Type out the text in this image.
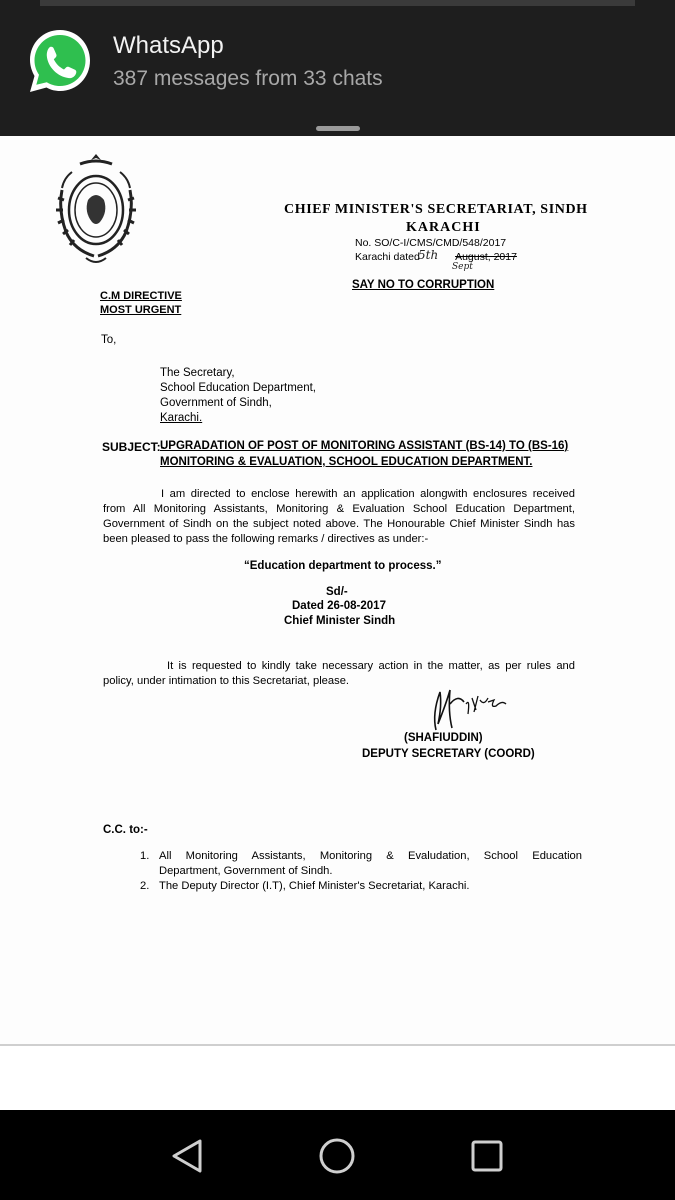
WhatsApp
387 messages from 33 chats
CHIEF MINISTER'S SECRETARIAT, SINDH
KARACHI
No. SO/C-I/CMS/CMD/548/2017
Karachi dated	August, 2017
5th
Sept
SAY NO TO CORRUPTION
C.M DIRECTIVE
MOST URGENT
To,
The Secretary,
School Education Department,
Government of Sindh,
Karachi.
SUBJECT:-
UPGRADATION OF POST OF MONITORING ASSISTANT (BS-14) TO (BS-16)
MONITORING & EVALUATION, SCHOOL EDUCATION DEPARTMENT.
I am directed to enclose herewith an application alongwith enclosures received
from All Monitoring Assistants, Monitoring & Evaluation School Education Department,
Government of Sindh on the subject noted above. The Honourable Chief Minister Sindh has
been pleased to pass the following remarks / directives as under:-
“Education department to process.”
Sd/-
Dated 26-08-2017
Chief Minister Sindh
It is requested to kindly take necessary action in the matter, as per rules and
policy, under intimation to this Secretariat, please.
(SHAFIUDDIN)
DEPUTY SECRETARY (COORD)
C.C. to:-
1. All Monitoring Assistants, Monitoring & Evaludation, School Education
Department, Government of Sindh.
2. The Deputy Director (I.T), Chief Minister's Secretariat, Karachi.
